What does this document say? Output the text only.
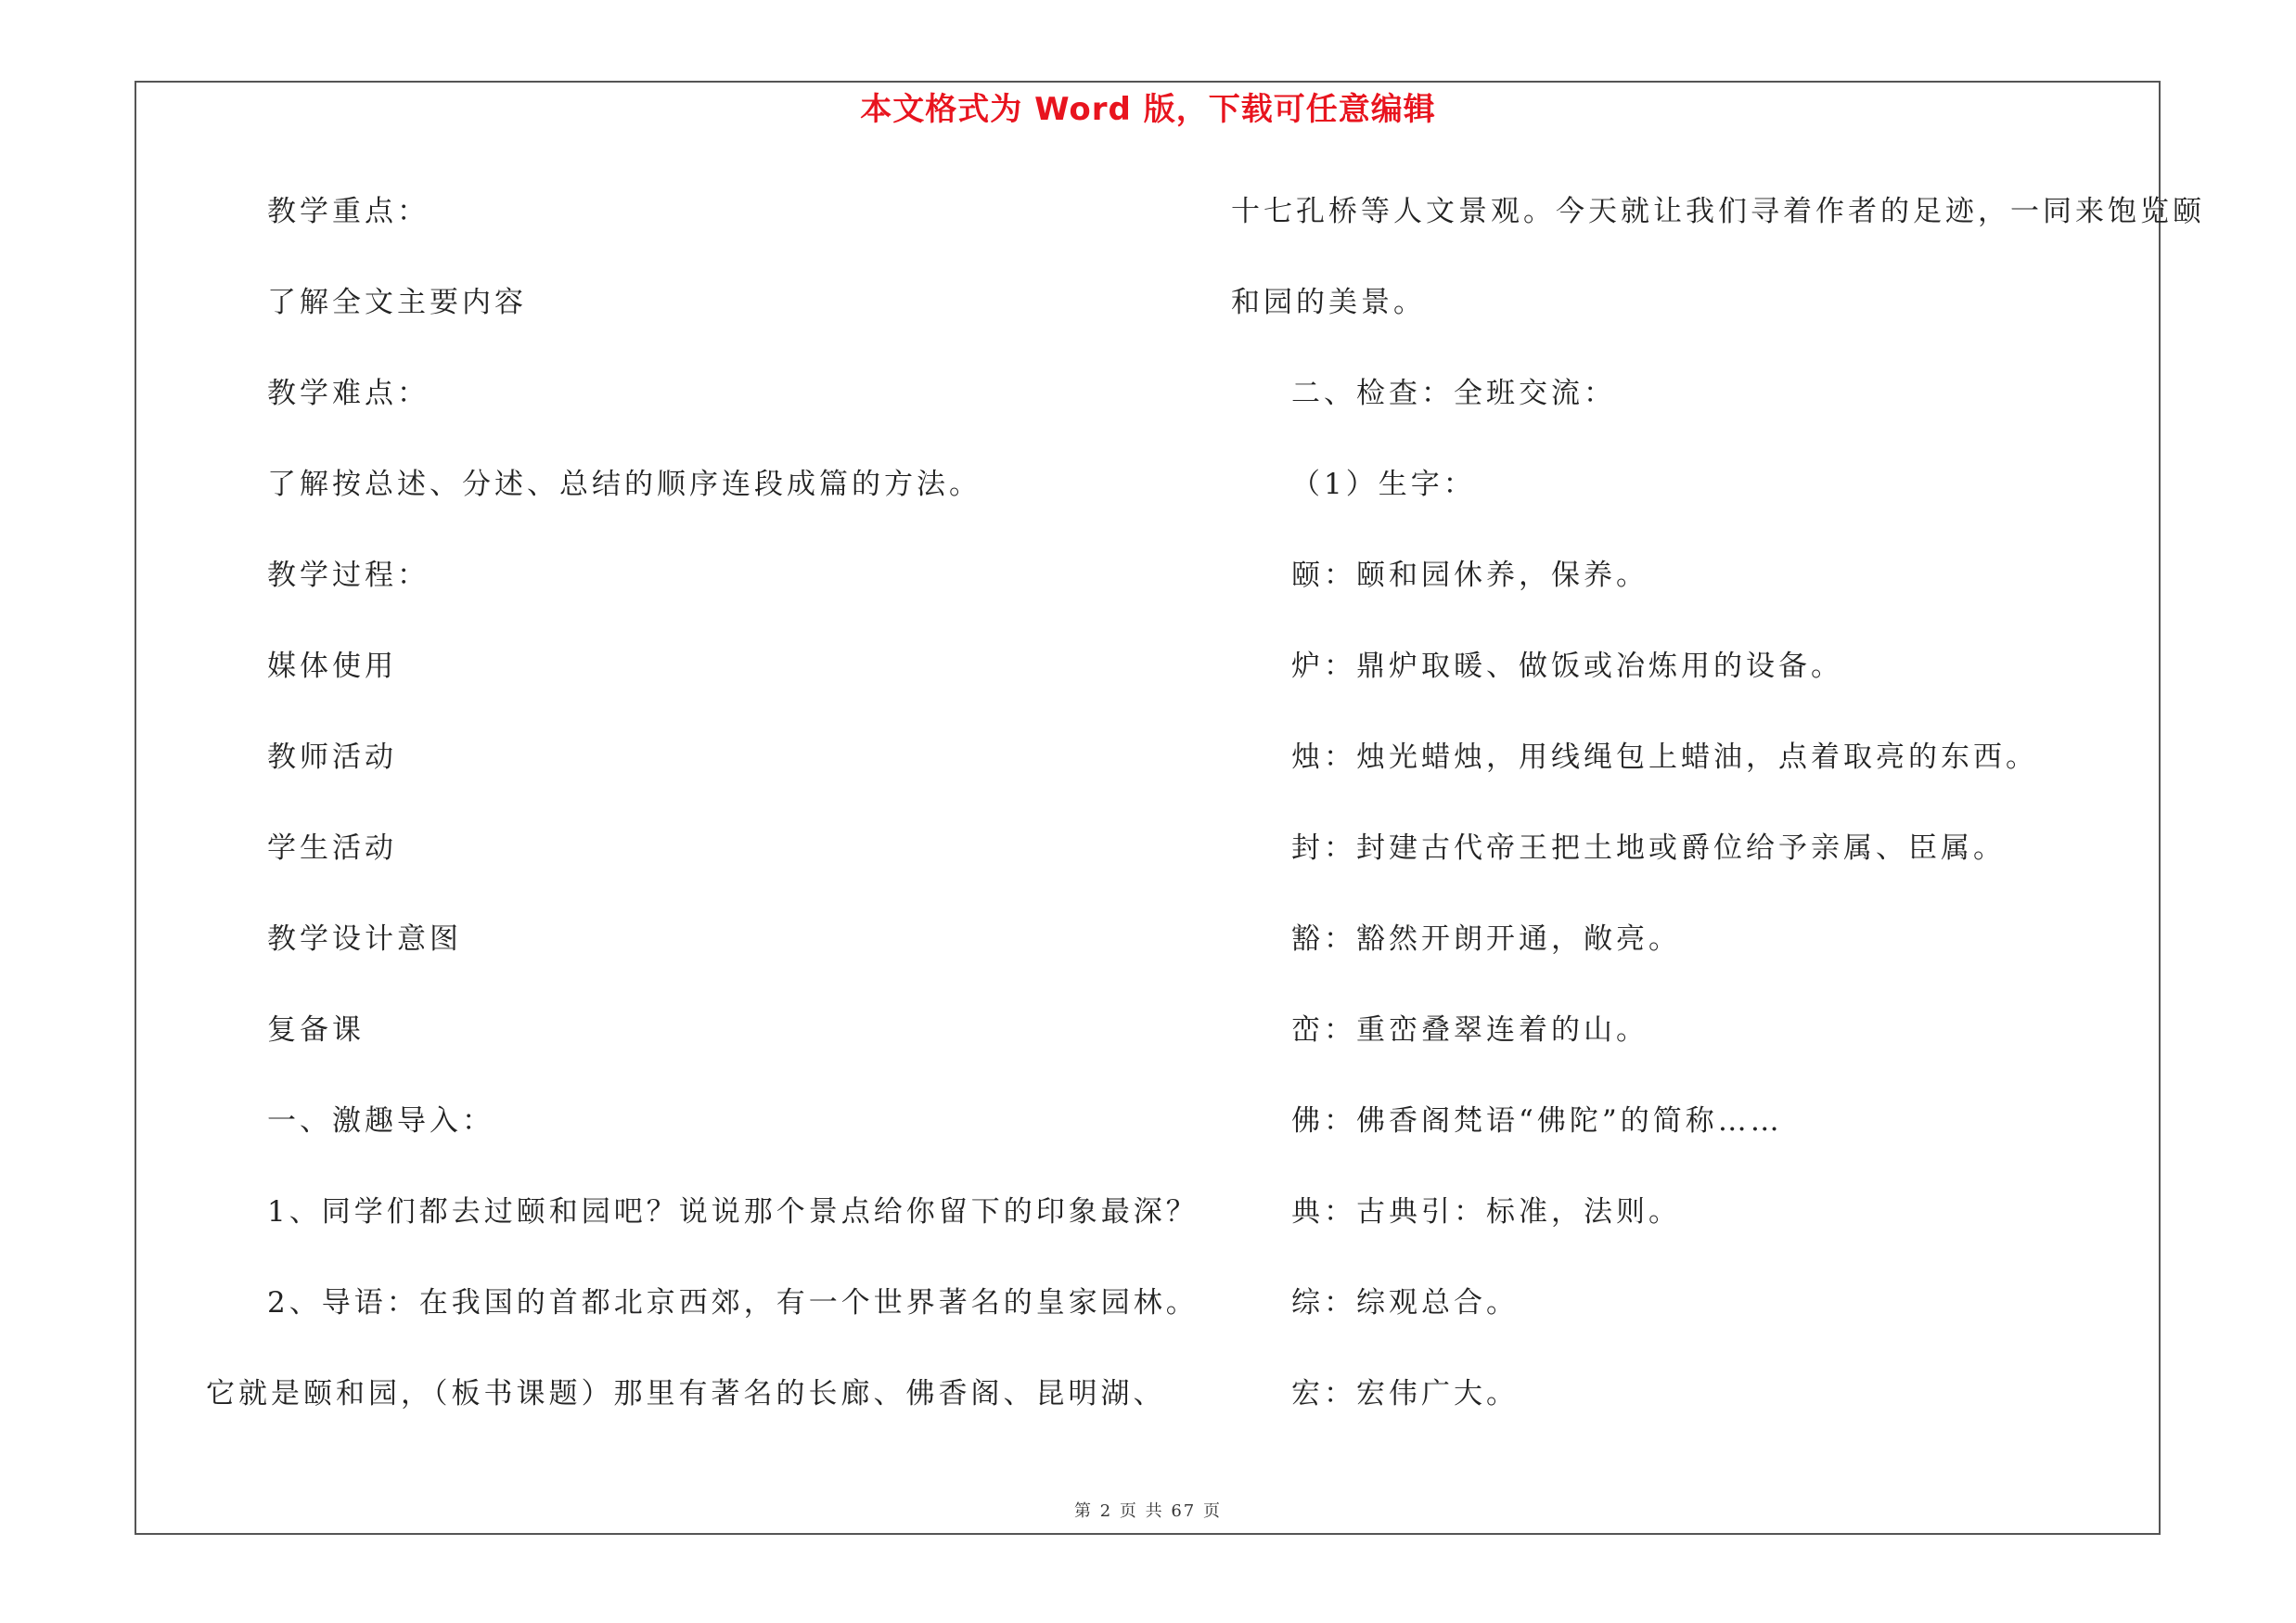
本文格式为 Word 版，下载可任意编辑
教学重点：
了解全文主要内容
教学难点：
了解按总述、分述、总结的顺序连段成篇的方法。
教学过程：
媒体使用
教师活动
学生活动
教学设计意图
复备课
一、激趣导入：
1、同学们都去过颐和园吧？说说那个景点给你留下的印象最深？
2、导语：在我国的首都北京西郊，有一个世界著名的皇家园林。
它就是颐和园，（板书课题）那里有著名的长廊、佛香阁、昆明湖、
十七孔桥等人文景观。今天就让我们寻着作者的足迹，一同来饱览颐
和园的美景。
二、检查：全班交流：
（1）生字：
颐：颐和园休养，保养。
炉：鼎炉取暖、做饭或冶炼用的设备。
烛：烛光蜡烛，用线绳包上蜡油，点着取亮的东西。
封：封建古代帝王把土地或爵位给予亲属、臣属。
豁：豁然开朗开通，敞亮。
峦：重峦叠翠连着的山。
佛：佛香阁梵语“佛陀”的简称……
典：古典引：标准，法则。
综：综观总合。
宏：宏伟广大。
第 2 页 共 67 页
